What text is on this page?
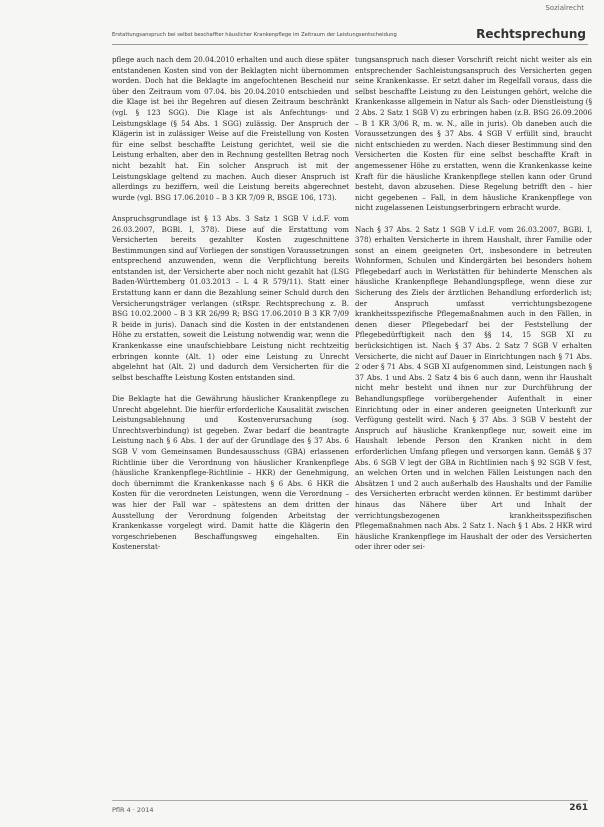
Sozialrecht
Erstattungsanspruch bei selbst beschaffter häuslicher Krankenpflege im Zeitraum der Leistungsentscheidung	Rechtsprechung

pflege auch nach dem 20.04.2010 erhalten und auch diese später entstandenen Kosten sind von der Beklagten nicht übernommen worden. Doch hat die Beklagte im angefochtenen Bescheid nur über den Zeitraum vom 07.04. bis 20.04.2010 entschieden und die Klage ist bei ihr Begehren auf diesen Zeitraum beschränkt (vgl. § 123 SGG). Die Klage ist als Anfechtungs- und Leistungsklage (§ 54 Abs. 1 SGG) zulässig. Der Anspruch der Klägerin ist in zulässiger Weise auf die Freistellung von Kosten für eine selbst beschaffte Leistung gerichtet, weil sie die Leistung erhalten, aber den in Rechnung gestellten Betrag noch nicht bezahlt hat. Ein solcher Anspruch ist mit der Leistungsklage geltend zu machen. Auch dieser Anspruch ist allerdings zu beziffern, weil die Leistung bereits abgerechnet wurde (vgl. BSG 17.06.2010 – B 3 KR 7/09 R, BSGE 106, 173).

Anspruchsgrundlage ist § 13 Abs. 3 Satz 1 SGB V i.d.F. vom 26.03.2007, BGBl. I, 378). Diese auf die Erstattung vom Versicherten bereits gezahlter Kosten zugeschnittene Bestimmungen sind auf Vorliegen der sonstigen Voraussetzungen entsprechend anzuwenden, wenn die Verpflichtung bereits entstanden ist, der Versicherte aber noch nicht gezahlt hat (LSG Baden-Württemberg 01.03.2013 – L 4 R 579/11). Statt einer Erstattung kann er dann die Bezahlung seiner Schuld durch den Versicherungsträger verlangen (stRspr. Rechtsprechung z. B. BSG 10.02.2000 – B 3 KR 26/99 R; BSG 17.06.2010 B 3 KR 7/09 R beide in juris). Danach sind die Kosten in der entstandenen Höhe zu erstatten, soweit die Leistung notwendig war, wenn die Krankenkasse eine unaufschiebbare Leistung nicht rechtzeitig erbringen konnte (Alt. 1) oder eine Leistung zu Unrecht abgelehnt hat (Alt. 2) und dadurch dem Versicherten für die selbst beschaffte Leistung Kosten entstanden sind.

Die Beklagte hat die Gewährung häuslicher Krankenpflege zu Unrecht abgelehnt. Die hierfür erforderliche Kausalität zwischen Leistungsablehnung und Kostenverursachung (sog. Unrechtsverbindung) ist gegeben. Zwar bedarf die beantragte Leistung nach § 6 Abs. 1 der auf der Grundlage des § 37 Abs. 6 SGB V vom Gemeinsamen Bundesausschuss (GBA) erlassenen Richtlinie über die Verordnung von häuslicher Krankenpflege (häusliche Krankenpflege-Richtlinie – HKR) der Genehmigung, doch übernimmt die Krankenkasse nach § 6 Abs. 6 HKR die Kosten für die verordneten Leistungen, wenn die Verordnung – was hier der Fall war – spätestens an dem dritten der Ausstellung der Verordnung folgenden Arbeitstag der Krankenkasse vorgelegt wird. Damit hatte die Klägerin den vorgeschriebenen Beschaffungsweg eingehalten. Ein Kostenerstat-

tungsanspruch nach dieser Vorschrift reicht nicht weiter als ein entsprechender Sachleistungsanspruch des Versicherten gegen seine Krankenkasse. Er setzt daher im Regelfall voraus, dass die selbst beschaffte Leistung zu den Leistungen gehört, welche die Krankenkasse allgemein in Natur als Sach- oder Dienstleistung (§ 2 Abs. 2 Satz 1 SGB V) zu erbringen haben (z.B. BSG 26.09.2006 – B 1 KR 3/06 R, m. w. N., alle in juris). Ob daneben auch die Voraussetzungen des § 37 Abs. 4 SGB V erfüllt sind, braucht nicht entschieden zu werden. Nach dieser Bestimmung sind den Versicherten die Kosten für eine selbst beschaffte Kraft in angemessener Höhe zu erstatten, wenn die Krankenkasse keine Kraft für die häusliche Krankenpflege stellen kann oder Grund besteht, davon abzusehen. Diese Regelung betrifft den – hier nicht gegebenen – Fall, in dem häusliche Krankenpflege von nicht zugelassenen Leistungserbringern erbracht wurde.

Nach § 37 Abs. 2 Satz 1 SGB V i.d.F. vom 26.03.2007, BGBl. I, 378) erhalten Versicherte in ihrem Haushalt, ihrer Familie oder sonst an einem geeigneten Ort, insbesondere in betreuten Wohnformen, Schulen und Kindergärten bei besonders hohem Pflegebedarf auch in Werkstätten für behinderte Menschen als häusliche Krankenpflege Behandlungspflege, wenn diese zur Sicherung des Ziels der ärztlichen Behandlung erforderlich ist; der Anspruch umfasst verrichtungsbezogene krankheitsspezifische Pflegemaßnahmen auch in den Fällen, in denen dieser Pflegebedarf bei der Feststellung der Pflegebedürftigkeit nach den §§ 14, 15 SGB XI zu berücksichtigen ist. Nach § 37 Abs. 2 Satz 7 SGB V erhalten Versicherte, die nicht auf Dauer in Einrichtungen nach § 71 Abs. 2 oder § 71 Abs. 4 SGB XI aufgenommen sind, Leistungen nach § 37 Abs. 1 und Abs. 2 Satz 4 bis 6 auch dann, wenn ihr Haushalt nicht mehr besteht und ihnen nur zur Durchführung der Behandlungspflege vorübergehender Aufenthalt in einer Einrichtung oder in einer anderen geeigneten Unterkunft zur Verfügung gestellt wird. Nach § 37 Abs. 3 SGB V besteht der Anspruch auf häusliche Krankenpflege nur, soweit eine im Haushalt lebende Person den Kranken nicht in dem erforderlichen Umfang pflegen und versorgen kann. Gemäß § 37 Abs. 6 SGB V legt der GBA in Richtlinien nach § 92 SGB V fest, an welchen Orten und in welchen Fällen Leistungen nach den Absätzen 1 und 2 auch außerhalb des Haushalts und der Familie des Versicherten erbracht werden können. Er bestimmt darüber hinaus das Nähere über Art und Inhalt der verrichtungsbezogenen krankheitsspezifischen Pflegemaßnahmen nach Abs. 2 Satz 1. Nach § 1 Abs. 2 HKR wird häusliche Krankenpflege im Haushalt der oder des Versicherten oder ihrer oder sei-

PflR 4 · 2014	261
